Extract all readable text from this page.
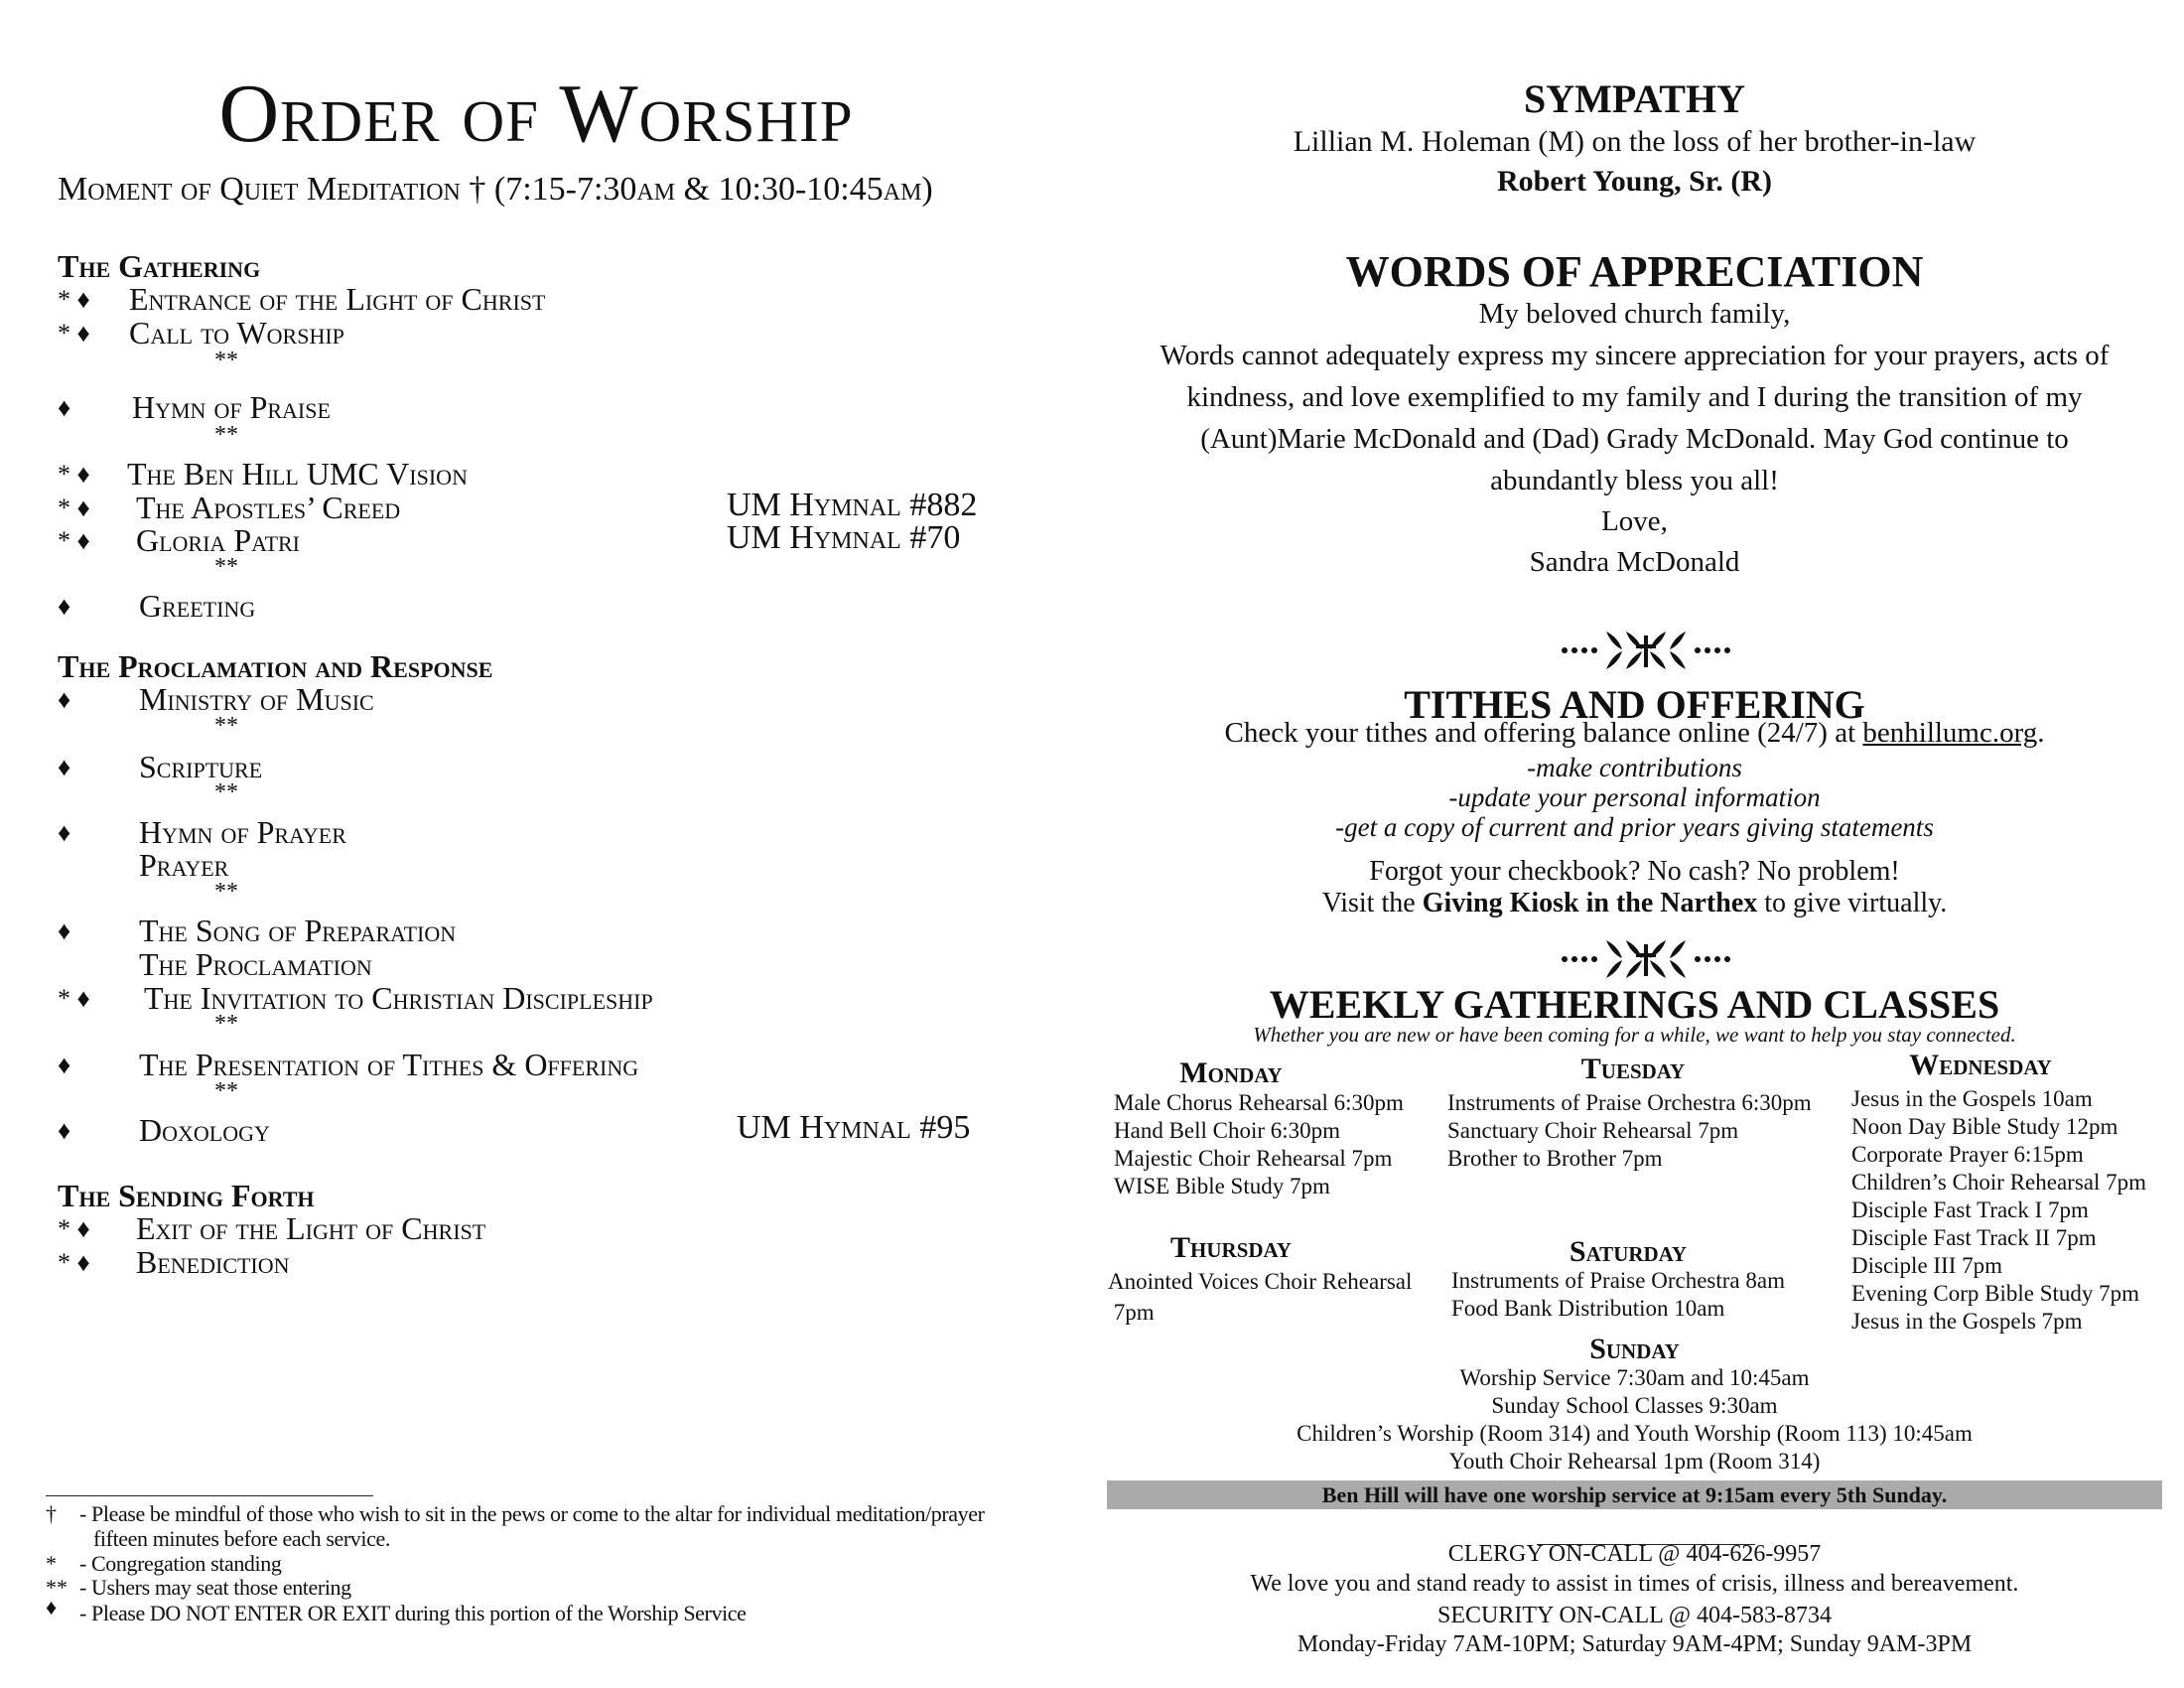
Order of Worship
Moment of Quiet Meditation † (7:15-7:30am & 10:30-10:45am)
The Gathering
* ♦	Entrance of the Light of Christ
* ♦	Call to Worship
**
♦	Hymn of Praise
**
* ♦	The Ben Hill UMC Vision
* ♦	The Apostles’ Creed	UM Hymnal #882
* ♦	Gloria Patri	UM Hymnal #70
**
♦	Greeting
The Proclamation and Response
♦	Ministry of Music
**
♦	Scripture
**
♦	Hymn of Prayer
Prayer
**
♦	The Song of Preparation
The Proclamation
* ♦	The Invitation to Christian Discipleship
**
♦	The Presentation of Tithes & Offering
**
♦	Doxology	UM Hymnal #95
The Sending Forth
* ♦	Exit of the Light of Christ
* ♦	Benediction
†	- Please be mindful of those who wish to sit in the pews or come to the altar for individual meditation/prayer
fifteen minutes before each service.
*	- Congregation standing
** - Ushers may seat those entering
♦	- Please DO NOT ENTER OR EXIT during this portion of the Worship Service
SYMPATHY
Lillian M. Holeman (M) on the loss of her brother-in-law
Robert Young, Sr. (R)
WORDS OF APPRECIATION
My beloved church family,
Words cannot adequately express my sincere appreciation for your prayers, acts of
kindness, and love exemplified to my family and I during the transition of my
(Aunt)Marie McDonald and (Dad) Grady McDonald. May God continue to
abundantly bless you all!
Love,
Sandra McDonald
TITHES AND OFFERING
Check your tithes and offering balance online (24/7) at benhillumc.org.
-make contributions
-update your personal information
-get a copy of current and prior years giving statements
Forgot your checkbook? No cash? No problem!
Visit the Giving Kiosk in the Narthex to give virtually.
WEEKLY GATHERINGS AND CLASSES
Whether you are new or have been coming for a while, we want to help you stay connected.
Monday
Male Chorus Rehearsal 6:30pm
Hand Bell Choir 6:30pm
Majestic Choir Rehearsal 7pm
WISE Bible Study 7pm
Tuesday
Instruments of Praise Orchestra 6:30pm
Sanctuary Choir Rehearsal 7pm
Brother to Brother 7pm
Wednesday
Jesus in the Gospels 10am
Noon Day Bible Study 12pm
Corporate Prayer 6:15pm
Children’s Choir Rehearsal 7pm
Disciple Fast Track I 7pm
Disciple Fast Track II 7pm
Disciple III 7pm
Evening Corp Bible Study 7pm
Jesus in the Gospels 7pm
Thursday
Anointed Voices Choir Rehearsal
7pm
Saturday
Instruments of Praise Orchestra 8am
Food Bank Distribution 10am
Sunday
Worship Service 7:30am and 10:45am
Sunday School Classes 9:30am
Children’s Worship (Room 314) and Youth Worship (Room 113) 10:45am
Youth Choir Rehearsal 1pm (Room 314)
Ben Hill will have one worship service at 9:15am every 5th Sunday.
CLERGY ON-CALL @ 404-626-9957
We love you and stand ready to assist in times of crisis, illness and bereavement.
SECURITY ON-CALL @ 404-583-8734
Monday-Friday 7AM-10PM; Saturday 9AM-4PM; Sunday 9AM-3PM
